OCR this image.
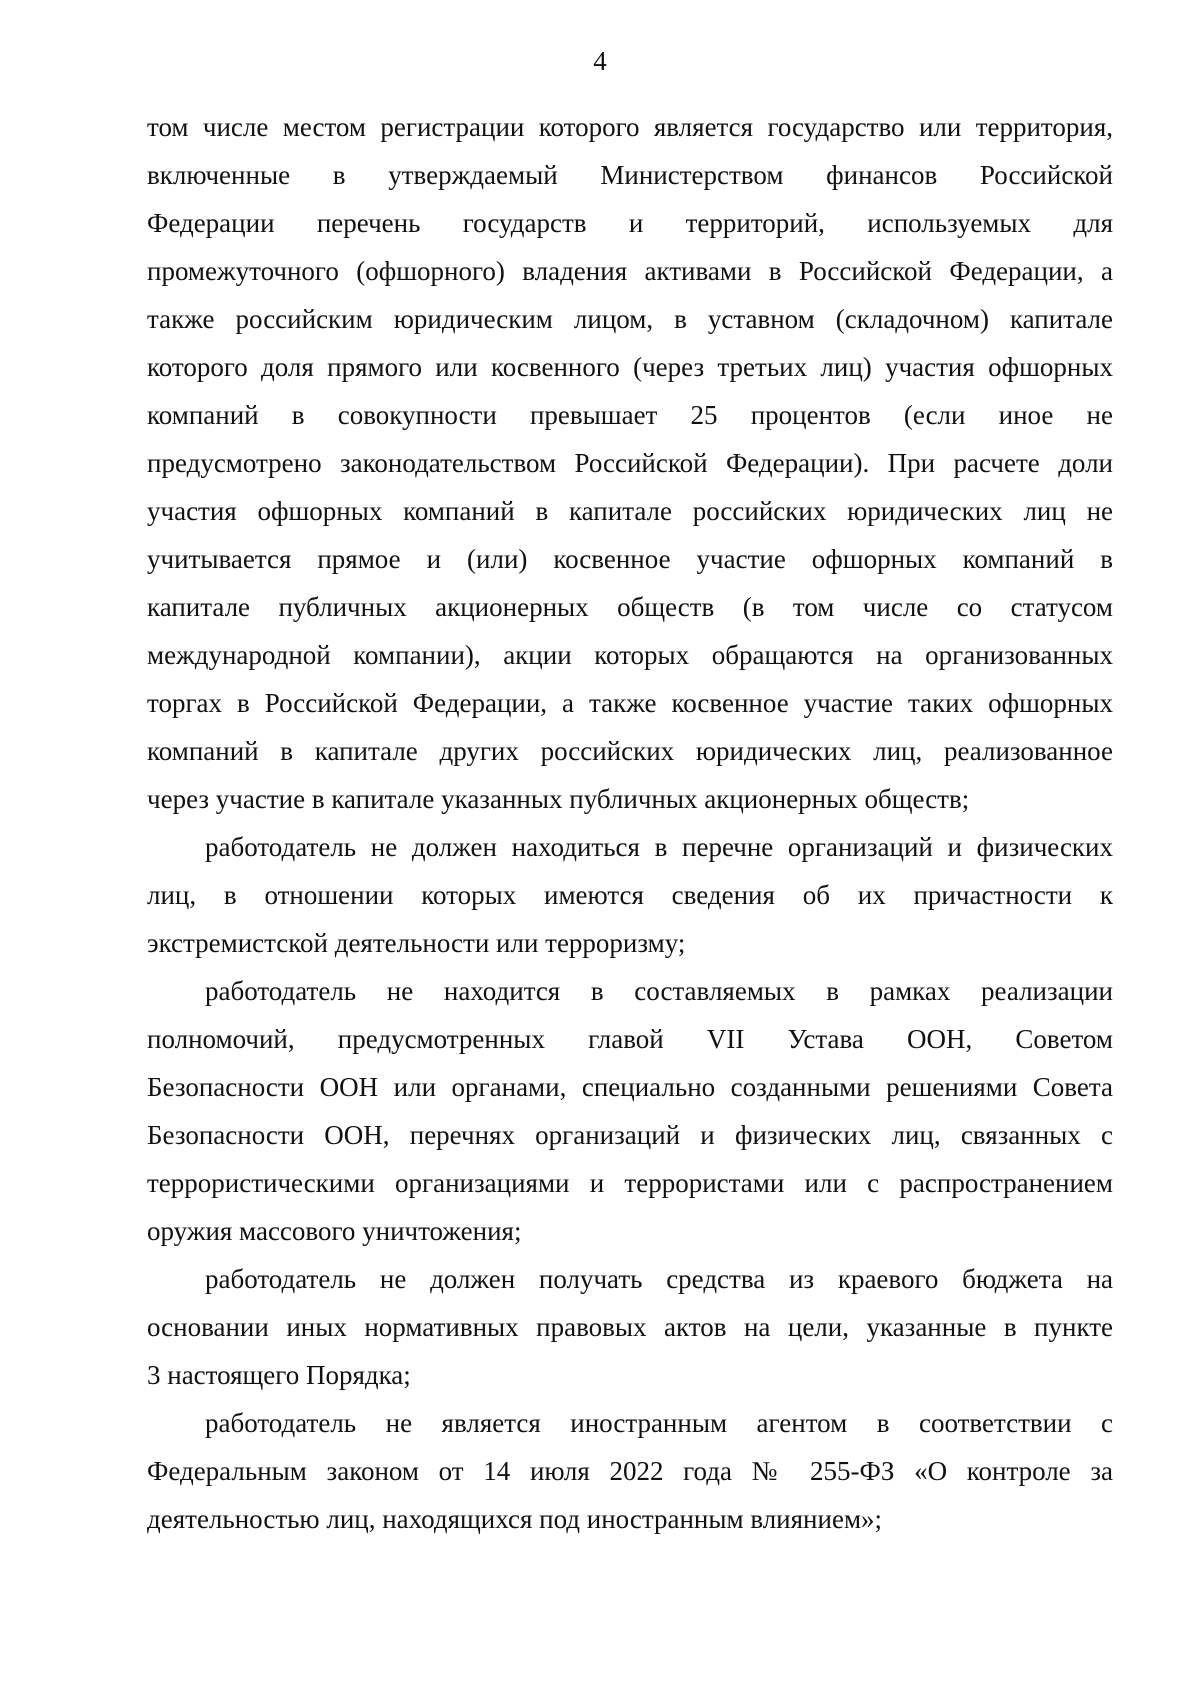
4
том числе местом регистрации которого является государство или территория,
включенные в утверждаемый Министерством финансов Российской
Федерации перечень государств и территорий, используемых для
промежуточного (офшорного) владения активами в Российской Федерации, а
также российским юридическим лицом, в уставном (складочном) капитале
которого доля прямого или косвенного (через третьих лиц) участия офшорных
компаний в совокупности превышает 25 процентов (если иное не
предусмотрено законодательством Российской Федерации). При расчете доли
участия офшорных компаний в капитале российских юридических лиц не
учитывается прямое и (или) косвенное участие офшорных компаний в
капитале публичных акционерных обществ (в том числе со статусом
международной компании), акции которых обращаются на организованных
торгах в Российской Федерации, а также косвенное участие таких офшорных
компаний в капитале других российских юридических лиц, реализованное
через участие в капитале указанных публичных акционерных обществ;
работодатель не должен находиться в перечне организаций и физических
лиц, в отношении которых имеются сведения об их причастности к
экстремистской деятельности или терроризму;
работодатель не находится в составляемых в рамках реализации
полномочий, предусмотренных главой VII Устава ООН, Советом
Безопасности ООН или органами, специально созданными решениями Совета
Безопасности ООН, перечнях организаций и физических лиц, связанных с
террористическими организациями и террористами или с распространением
оружия массового уничтожения;
работодатель не должен получать средства из краевого бюджета на
основании иных нормативных правовых актов на цели, указанные в пункте
3 настоящего Порядка;
работодатель не является иностранным агентом в соответствии с
Федеральным законом от 14 июля 2022 года № 255-ФЗ «О контроле за
деятельностью лиц, находящихся под иностранным влиянием»;
